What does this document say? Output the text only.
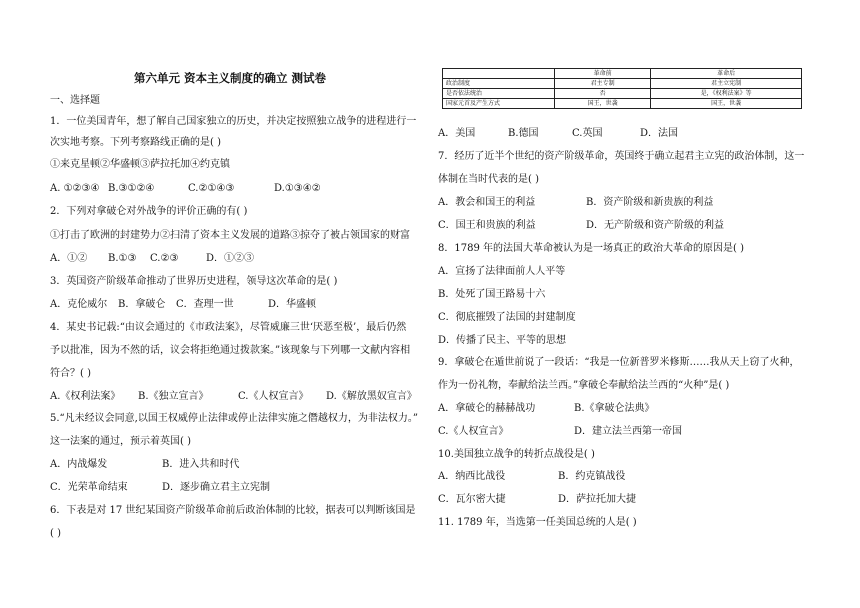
第六单元 资本主义制度的确立 测试卷
一、选择题
1．一位美国青年，想了解自己国家独立的历史，并决定按照独立战争的进程进行一
次实地考察。下列考察路线正确的是( )
①来克星顿②华盛顿③萨拉托加④约克镇
A. ①②③④ B.③①②④	C.②①④③	D.①③④②
2．下列对拿破仑对外战争的评价正确的有( )
①打击了欧洲的封建势力②扫清了资本主义发展的道路③掠夺了被占领国家的财富
A．①② B.①③ C.②③	D．①②③
3．英国资产阶级革命推动了世界历史进程，领导这次革命的是( )
A．克伦威尔 B．拿破仑 C．查理一世	D．华盛顿
4．某史书记载:“由议会通过的《市政法案》，尽管威廉三世‘厌恶至极’，最后仍然
予以批准，因为不然的话，议会将拒绝通过拨款案。”该现象与下列哪一文献内容相
符合？( )
A.《权利法案》 B.《独立宣言》	C.《人权宣言》 D.《解放黑奴宣言》
5.“凡未经议会同意,以国王权威停止法律或停止法律实施之僭越权力，为非法权力。”
这一法案的通过，预示着英国( )
A．内战爆发	B．进入共和时代
C．光荣革命结束	D．逐步确立君主立宪制
6．下表是对 17 世纪某国资产阶级革命前后政治体制的比较，据表可以判断该国是
( )
	革命前	革命后
政治制度	君主专制	君主立宪制
是否依法统治	否	是，《权利法案》等
国家元首及产生方式	国王，世袭	国王，世袭
A．美国	B.德国	C.英国	D．法国
7．经历了近半个世纪的资产阶级革命，英国终于确立起君主立宪的政治体制，这一
体制在当时代表的是( )
A．教会和国王的利益	B．资产阶级和新贵族的利益
C．国王和贵族的利益	D．无产阶级和资产阶级的利益
8．1789 年的法国大革命被认为是一场真正的政治大革命的原因是( )
A．宣扬了法律面前人人平等
B．处死了国王路易十六
C．彻底摧毁了法国的封建制度
D．传播了民主、平等的思想
9．拿破仑在遁世前说了一段话：“我是一位新普罗米修斯……我从天上窃了火种，
作为一份礼物，奉献给法兰西。”拿破仑奉献给法兰西的“火种”是( )
A．拿破仑的赫赫战功	B.《拿破仑法典》
C.《人权宣言》	D．建立法兰西第一帝国
10.美国独立战争的转折点战役是( )
A．纳西比战役	B．约克镇战役
C．瓦尔密大捷	D．萨拉托加大捷
11. 1789 年，当选第一任美国总统的人是( )
